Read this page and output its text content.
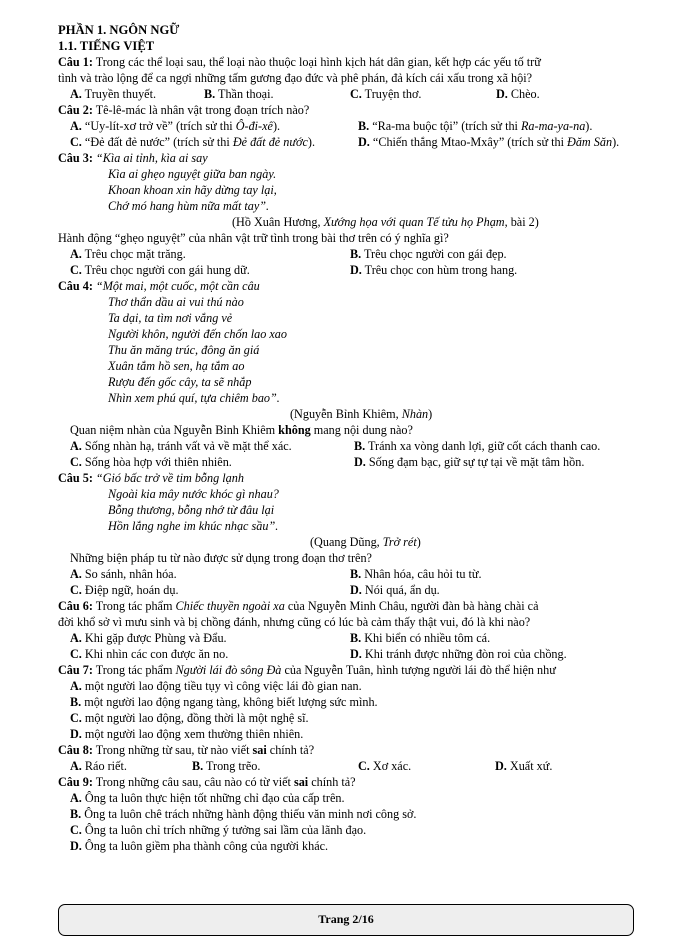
PHẦN 1. NGÔN NGỮ
1.1. TIẾNG VIỆT
Câu 1: Trong các thể loại sau, thể loại nào thuộc loại hình kịch hát dân gian, kết hợp các yếu tố trữ
tình và trào lộng để ca ngợi những tấm gương đạo đức và phê phán, đả kích cái xấu trong xã hội?
A. Truyền thuyết.	B. Thần thoại.	C. Truyện thơ.	D. Chèo.
Câu 2: Tê-lê-mác là nhân vật trong đoạn trích nào?
A. “Uy-lít-xơ trở về” (trích sử thi Ô-đi-xê).	B. “Ra-ma buộc tội” (trích sử thi Ra-ma-ya-na).
C. “Đẻ đất đẻ nước” (trích sử thi Đẻ đất đẻ nước).	D. “Chiến thắng Mtao-Mxây” (trích sử thi Đăm Săn).
Câu 3: “Kìa ai tỉnh, kìa ai say
Kìa ai ghẹo nguyệt giữa ban ngày.
Khoan khoan xin hãy dừng tay lại,
Chớ mó hang hùm nữa mất tay”.
(Hồ Xuân Hương, Xướng họa với quan Tế tửu họ Phạm, bài 2)
Hành động “ghẹo nguyệt” của nhân vật trữ tình trong bài thơ trên có ý nghĩa gì?
A. Trêu chọc mặt trăng.	B. Trêu chọc người con gái đẹp.
C. Trêu chọc người con gái hung dữ.	D. Trêu chọc con hùm trong hang.
Câu 4: “Một mai, một cuốc, một cần câu
Thơ thẩn dầu ai vui thú nào
Ta dại, ta tìm nơi vắng vẻ
Người khôn, người đến chốn lao xao
Thu ăn măng trúc, đông ăn giá
Xuân tắm hồ sen, hạ tắm ao
Rượu đến gốc cây, ta sẽ nhắp
Nhìn xem phú quí, tựa chiêm bao”.
(Nguyễn Bỉnh Khiêm, Nhàn)
Quan niệm nhàn của Nguyễn Bỉnh Khiêm không mang nội dung nào?
A. Sống nhàn hạ, tránh vất vả về mặt thể xác.	B. Tránh xa vòng danh lợi, giữ cốt cách thanh cao.
C. Sống hòa hợp với thiên nhiên.	D. Sống đạm bạc, giữ sự tự tại về mặt tâm hồn.
Câu 5: “Gió bấc trở về tim bỗng lạnh
Ngoài kia mây nước khóc gì nhau?
Bỗng thương, bỗng nhớ từ đâu lại
Hồn lắng nghe im khúc nhạc sầu”.
(Quang Dũng, Trở rét)
Những biện pháp tu từ nào được sử dụng trong đoạn thơ trên?
A. So sánh, nhân hóa.	B. Nhân hóa, câu hỏi tu từ.
C. Điệp ngữ, hoán dụ.	D. Nói quá, ẩn dụ.
Câu 6: Trong tác phẩm Chiếc thuyền ngoài xa của Nguyễn Minh Châu, người đàn bà hàng chài cả
đời khổ sở vì mưu sinh và bị chồng đánh, nhưng cũng có lúc bà cảm thấy thật vui, đó là khi nào?
A. Khi gặp được Phùng và Đẩu.	B. Khi biển có nhiều tôm cá.
C. Khi nhìn các con được ăn no.	D. Khi tránh được những đòn roi của chồng.
Câu 7: Trong tác phẩm Người lái đò sông Đà của Nguyễn Tuân, hình tượng người lái đò thể hiện như
A. một người lao động tiều tụy vì công việc lái đò gian nan.
B. một người lao động ngang tàng, không biết lượng sức mình.
C. một người lao động, đồng thời là một nghệ sĩ.
D. một người lao động xem thường thiên nhiên.
Câu 8: Trong những từ sau, từ nào viết sai chính tả?
A. Ráo riết.	B. Trong trẽo.	C. Xơ xác.	D. Xuất xứ.
Câu 9: Trong những câu sau, câu nào có từ viết sai chính tả?
A. Ông ta luôn thực hiện tốt những chỉ đạo của cấp trên.
B. Ông ta luôn chê trách những hành động thiếu văn minh nơi công sở.
C. Ông ta luôn chỉ trích những ý tưởng sai lầm của lãnh đạo.
D. Ông ta luôn giềm pha thành công của người khác.
Trang 2/16
